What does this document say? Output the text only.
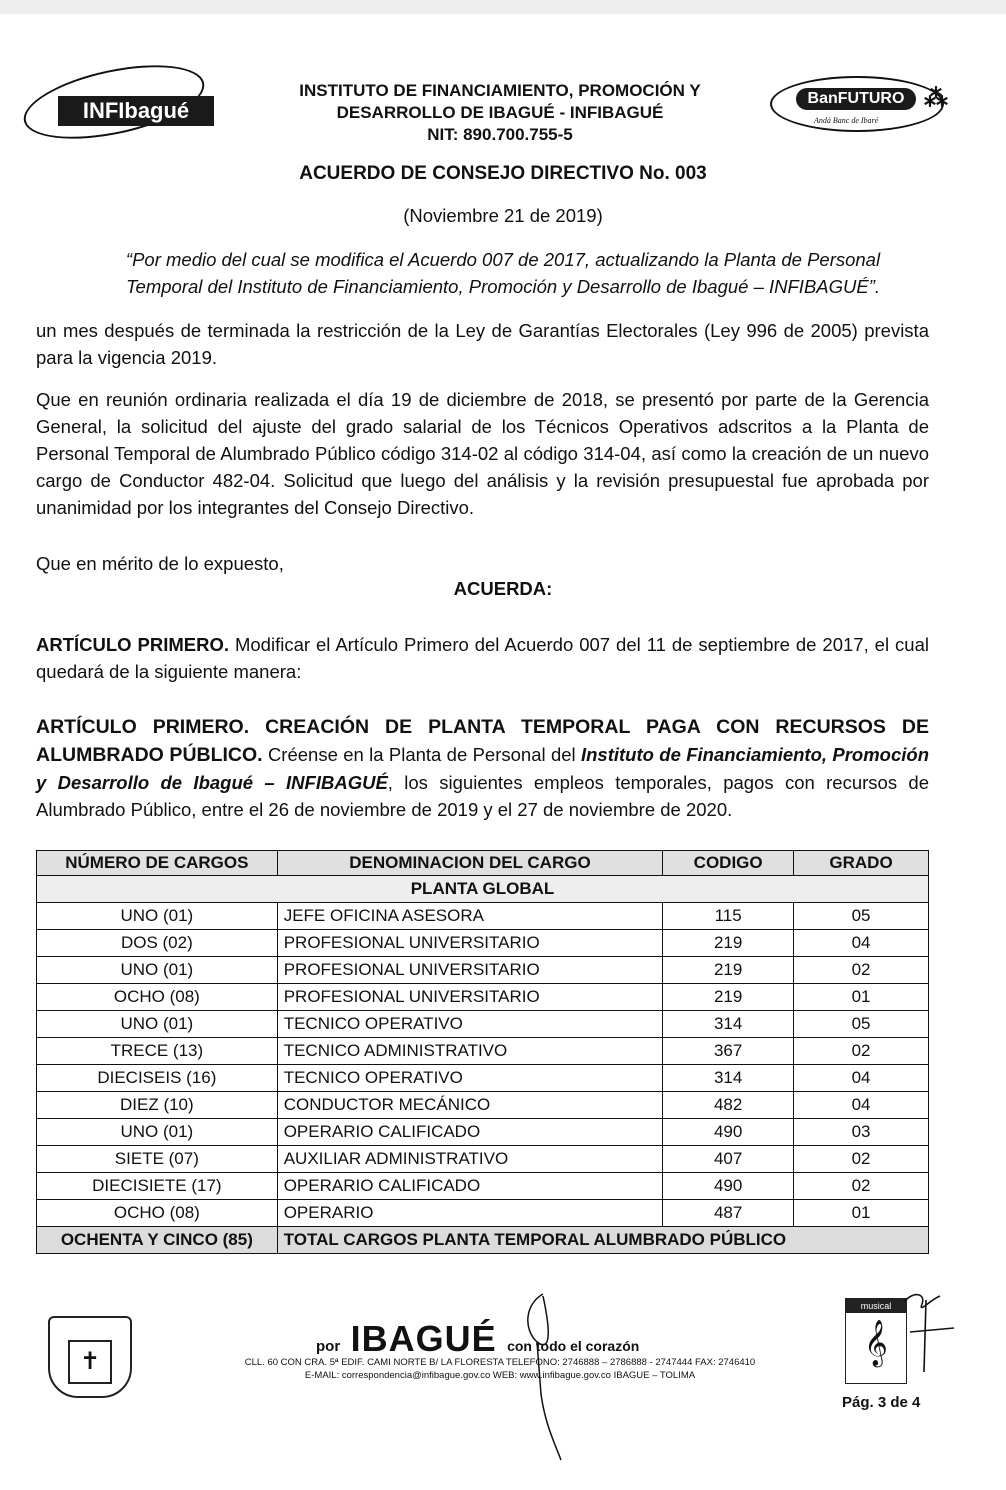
INFIbagué	BanFUTURO
Andá Banc de Ibaré
⁂
INSTITUTO DE FINANCIAMIENTO, PROMOCIÓN Y
DESARROLLO DE IBAGUÉ - INFIBAGUÉ
NIT: 890.700.755-5
ACUERDO DE CONSEJO DIRECTIVO No. 003
(Noviembre 21 de 2019)
“Por medio del cual se modifica el Acuerdo 007 de 2017, actualizando la Planta de Personal
Temporal del Instituto de Financiamiento, Promoción y Desarrollo de Ibagué – INFIBAGUÉ”.
un mes después de terminada la restricción de la Ley de Garantías Electorales (Ley 996 de 2005) prevista para la vigencia 2019.
Que en reunión ordinaria realizada el día 19 de diciembre de 2018, se presentó por parte de la Gerencia General, la solicitud del ajuste del grado salarial de los Técnicos Operativos adscritos a la Planta de Personal Temporal de Alumbrado Público código 314-02 al código 314-04, así como la creación de un nuevo cargo de Conductor 482-04. Solicitud que luego del análisis y la revisión presupuestal fue aprobada por unanimidad por los integrantes del Consejo Directivo.
Que en mérito de lo expuesto,
ACUERDA:
ARTÍCULO PRIMERO. Modificar el Artículo Primero del Acuerdo 007 del 11 de septiembre de 2017, el cual quedará de la siguiente manera:
ARTÍCULO PRIMERO. CREACIÓN DE PLANTA TEMPORAL PAGA CON RECURSOS DE ALUMBRADO PÚBLICO. Créense en la Planta de Personal del Instituto de Financiamiento, Promoción y Desarrollo de Ibagué – INFIBAGUÉ, los siguientes empleos temporales, pagos con recursos de Alumbrado Público, entre el 26 de noviembre de 2019 y el 27 de noviembre de 2020.
NÚMERO DE CARGOS	DENOMINACION DEL CARGO	CODIGO	GRADO
PLANTA GLOBAL			
UNO (01)	JEFE OFICINA ASESORA	115	05
DOS (02)	PROFESIONAL UNIVERSITARIO	219	04
UNO (01)	PROFESIONAL UNIVERSITARIO	219	02
OCHO (08)	PROFESIONAL UNIVERSITARIO	219	01
UNO (01)	TECNICO OPERATIVO	314	05
TRECE (13)	TECNICO ADMINISTRATIVO	367	02
DIECISEIS (16)	TECNICO OPERATIVO	314	04
DIEZ (10)	CONDUCTOR MECÁNICO	482	04
UNO (01)	OPERARIO CALIFICADO	490	03
SIETE (07)	AUXILIAR ADMINISTRATIVO	407	02
DIECISIETE (17)	OPERARIO CALIFICADO	490	02
OCHO (08)	OPERARIO	487	01
OCHENTA Y CINCO (85)	TOTAL CARGOS PLANTA TEMPORAL ALUMBRADO PÚBLICO		
✝
por IBAGUÉ con todo el corazón
CLL. 60 CON CRA. 5ª EDIF. CAMI NORTE B/ LA FLORESTA TELEFONO: 2746888 – 2786888 - 2747444 FAX: 2746410
E-MAIL: correspondencia@infibague.gov.co WEB: www.infibague.gov.co IBAGUE – TOLIMA
musical
𝄞
Pág. 3 de 4
